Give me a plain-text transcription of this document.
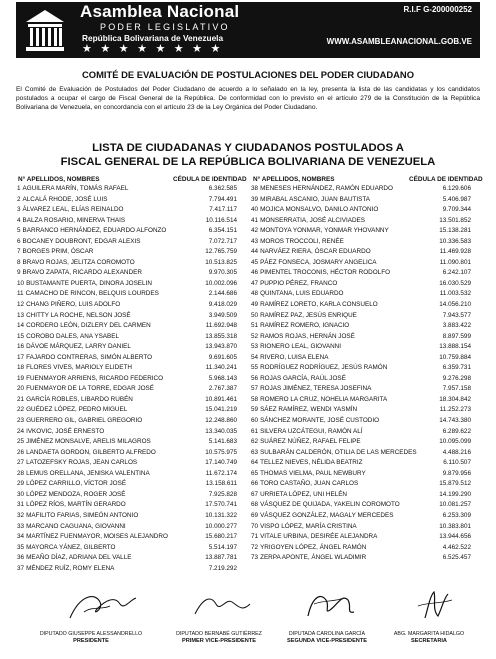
Asamblea Nacional
PODER LEGISLATIVO
República Bolivariana de Venezuela
★★★★★★★★
R.I.F G-200000252
WWW.ASAMBLEANACIONAL.GOB.VE
COMITÉ DE EVALUACIÓN DE POSTULACIONES DEL PODER CIUDADANO
El Comité de Evaluación de Postulados del Poder Ciudadano de acuerdo a lo señalado en la ley, presenta la lista de las candidatas y los candidatos postulados a ocupar el cargo de Fiscal General de la República. De conformidad con lo previsto en el artículo 279 de la Constitución de la República Bolivariana de Venezuela, en concordancia con el artículo 23 de la Ley Orgánica del Poder Ciudadano.
LISTA DE CIUDADANAS Y CIUDADANOS POSTULADOS A
FISCAL GENERAL DE LA REPÚBLICA BOLIVARIANA DE VENEZUELA
N° APELLIDOS, NOMBRES	CÉDULA DE IDENTIDAD N° APELLIDOS, NOMBRES	CÉDULA DE IDENTIDAD
1 AGUILERA MARÍN, TOMÁS RAFAEL	6.362.585
2 ALCALÁ RHODE, JOSÉ LUIS	7.794.491
3 ÁLVAREZ LEAL, ELÍAS REINALDO	7.417.117
4 BALZA ROSARIO, MINERVA THAIS	10.116.514
5 BARRANCO HERNÁNDEZ, EDUARDO ALFONZO	6.354.151
6 BOCANEY DOUBRONT, EDGAR ALEXIS	7.072.717
7 BORGES PRIM, ÓSCAR	12.765.759
8 BRAVO ROJAS, JELITZA COROMOTO	10.513.825
9 BRAVO ZAPATA, RICARDO ALEXANDER	9.970.305
10 BUSTAMANTE PUERTA, DINORA JOSELIN	10.002.096
11 CAMACHO DE RINCON, BELQUIS LOURDES	2.144.686
12 CHANG PIÑERO, LUIS ADOLFO	9.418.029
13 CHITTY LA ROCHE, NELSON JOSÉ	3.949.509
14 CORDERO LEÓN, DIZLERY DEL CARMEN	11.692.948
15 COROBO DALES, ANA YSABEL	13.855.318
16 DÁVOE MÁRQUEZ, LARRY DANIEL	13.943.870
17 FAJARDO CONTRERAS, SIMÓN ALBERTO	9.691.605
18 FLORES VIVES, MARIOLY ELIDETH	11.340.241
19 FUENMAYOR ARRIENS, RICARDO FEDERICO	5.968.143
20 FUENMAYOR DE LA TORRE, EDGAR JOSÉ	2.767.387
21 GARCÍA ROBLES, LIBARDO RUBÉN	10.891.461
22 GUÉDEZ LÓPEZ, PEDRO MIGUEL	15.041.219
23 GUERRERO GIL, GABRIEL GREGORIO	12.248.860
24 IVKOVIC, JOSÉ ERNESTO	13.340.035
25 JIMÉNEZ MONSALVE, ARELIS MILAGROS	5.141.683
26 LANDAETA GORDON, GILBERTO ALFREDO	10.575.975
27 LATOZEFSKY ROJAS, JEAN CARLOS	17.140.749
28 LEMUS ORELLANA, JENISKA VALENTINA	11.672.174
29 LÓPEZ CARRILLO, VÍCTOR JOSÉ	13.158.611
30 LÓPEZ MENDOZA, ROGER JOSÉ	7.925.828
31 LÓPEZ RÍOS, MARTÍN GERARDO	17.570.741
32 MAFILITO FARIAS, SIMEÓN ANTONIO	10.131.322
33 MARCANO CAGUANA, GIOVANNI	10.000.277
34 MARTÍNEZ FUENMAYOR, MOISES ALEJANDRO	15.680.217
35 MAYORCA YÁNEZ, GILBERTO	5.514.197
36 MEAÑO DÍAZ, ADRIANA DEL VALLE	13.887.781
37 MÉNDEZ RUÍZ, ROMY ELENA	7.219.292
38 MENESES HERNÁNDEZ, RAMÓN EDUARDO	6.129.606
39 MIRABAL ASCANIO, JUAN BAUTISTA	5.406.987
40 MOJICA MONSALVO, DANILO ANTONIO	9.709.344
41 MONSERRATIA, JOSÉ ALCIVIADES	13.501.852
42 MONTOYA YONMAR, YONMAR YHOVANNY	15.138.281
43 MOROS TROCCOLI, RENÉE	10.336.583
44 NARVÁEZ RIERA, ÓSCAR EDUARDO	11.469.928
45 PÁEZ FONSECA, JOSMARY ANGELICA	11.090.801
46 PIMENTEL TROCONIS, HÉCTOR RODOLFO	6.242.107
47 PUPPIO PÉREZ, FRANCO	16.030.529
48 QUINTANA, LUIS EDUARDO	11.003.532
49 RAMÍREZ LORETO, KARLA CONSUELO	14.056.210
50 RAMÍREZ PAZ, JESÚS ENRIQUE	7.943.577
51 RAMÍREZ ROMERO, IGNACIO	3.883.422
52 RAMOS ROJAS, HERNÁN JOSÉ	8.897.599
53 RIONERO LEAL, GIOVANNI	13.888.154
54 RIVERO, LUISA ELENA	10.759.884
55 RODRÍGUEZ RODRÍGUEZ, JESÚS RAMÓN	6.359.731
56 ROJAS GARCÍA, RAÚL JOSÉ	9.276.298
57 ROJAS JIMÉNEZ, TERESA JOSEFINA	7.957.158
58 ROMERO LA CRUZ, NOHELIA MARGARITA	18.304.842
59 SÁEZ RAMÍREZ, WENDI YASMÍN	11.252.273
60 SÁNCHEZ MORANTE, JOSÉ CUSTODIO	14.743.380
61 SILVERA UZCÁTEGUI, RAMÓN ALÍ	6.289.622
62 SUÁREZ NÚÑEZ, RAFAEL FELIPE	10.095.099
63 SULBARÁN CALDERÓN, OTILIA DE LAS MERCEDES	4.488.216
64 TELLEZ NIEVES, NÉLIDA BEATRIZ	6.110.507
65 THOMAS VIELMA, PAUL NEWBURY	9.879.956
66 TORO CASTAÑO, JUAN CARLOS	15.879.512
67 URRIETA LÓPEZ, UNI HELÉN	14.199.290
68 VÁSQUEZ DE QUIJADA, YAKELIN COROMOTO	10.081.257
69 VÁSQUEZ GONZÁLEZ, MAGALY MERCEDES	6.253.309
70 VISPO LÓPEZ, MARÍA CRISTINA	10.383.801
71 VITALE URBINA, DESIRÉE ALEJANDRA	13.944.656
72 YRIGOYEN LÓPEZ, ÁNGEL RAMÓN	4.462.522
73 ZERPA APONTE, ÁNGEL WLADIMIR	6.525.457
DIPUTADO GIUSEPPE ALESSANDRELLO
PRESIDENTE
DIPUTADO BERNABÉ GUTIÉRREZ
PRIMER VICE-PRESIDENTE
DIPUTADA CAROLINA GARCÍA
SEGUNDA VICE-PRESIDENTE
ABG. MARGARITA HIDALGO
SECRETARIA
